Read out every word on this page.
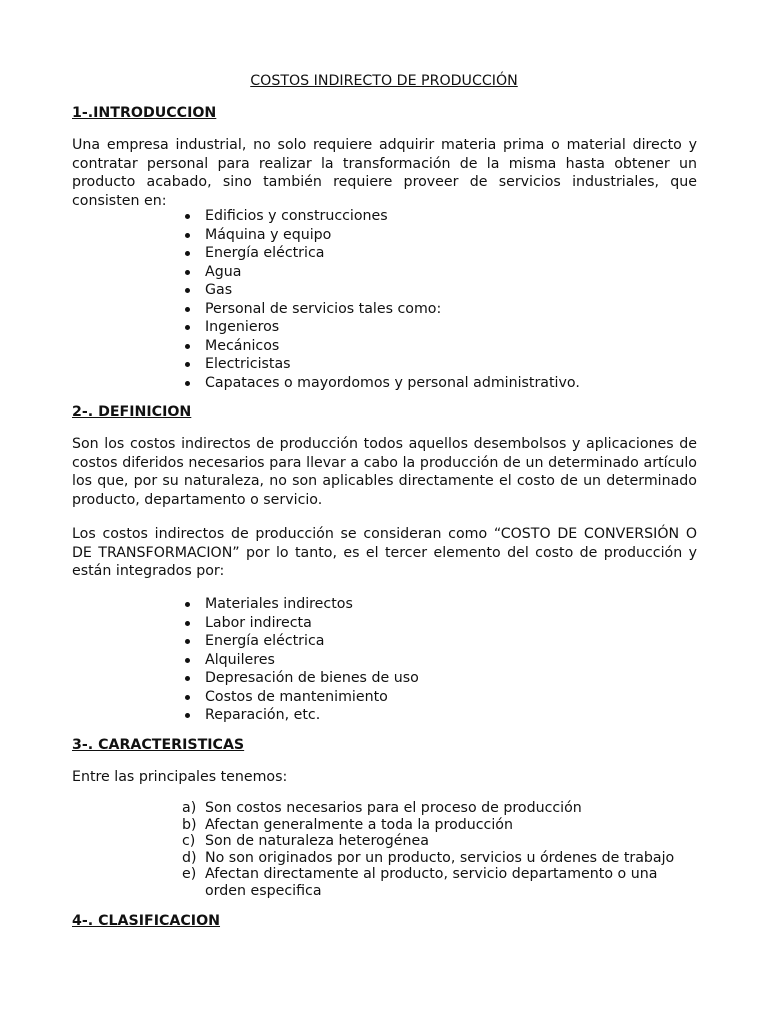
COSTOS INDIRECTO DE PRODUCCIÓN
1-.INTRODUCCION

Una empresa industrial, no solo requiere adquirir materia prima o material directo y contratar personal para realizar la transformación de la misma hasta obtener un producto acabado, sino también requiere proveer de servicios industriales, que consisten en:

Edificios y construcciones
Máquina y equipo
Energía eléctrica
Agua
Gas
Personal de servicios tales como:
Ingenieros
Mecánicos
Electricistas
Capataces o mayordomos y personal administrativo.
2-. DEFINICION

Son los costos indirectos de producción todos aquellos desembolsos y aplicaciones de costos diferidos necesarios para llevar a cabo la producción de un determinado artículo los que, por su naturaleza, no son aplicables directamente el costo de un determinado producto, departamento o servicio.

Los costos indirectos de producción se consideran como “COSTO DE CONVERSIÓN O DE TRANSFORMACION” por lo tanto, es el tercer elemento del costo de producción y están integrados por:

Materiales indirectos
Labor indirecta
Energía eléctrica
Alquileres
Depresación de bienes de uso
Costos de mantenimiento
Reparación, etc.
3-. CARACTERISTICAS

Entre las principales tenemos:

a) Son costos necesarios para el proceso de producción
b) Afectan generalmente a toda la producción
c) Son de naturaleza heterogénea
d) No son originados por un producto, servicios u órdenes de trabajo
e) Afectan directamente al producto, servicio departamento o una orden especifica
4-. CLASIFICACION
